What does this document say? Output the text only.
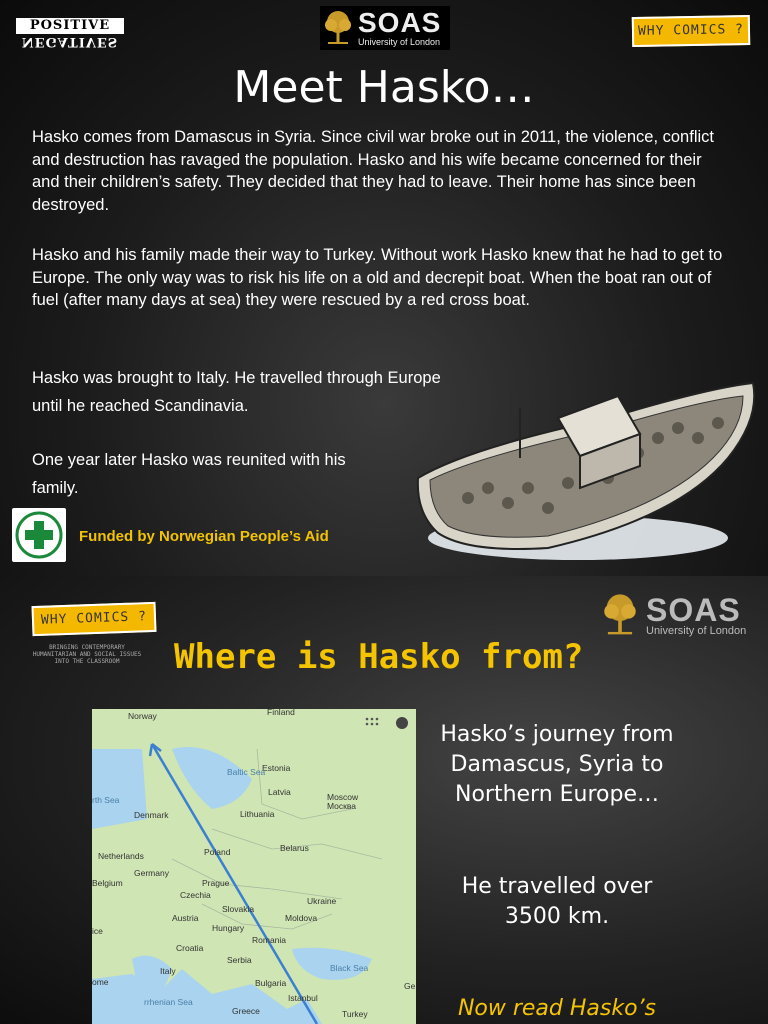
POSITIVE
NEGATIVES
SOAS
University of London
WHY COMICS ?
Meet Hasko…

Hasko comes from Damascus in Syria. Since civil war broke out in 2011, the violence, conflict and destruction has ravaged the population. Hasko and his wife became concerned for their and their children’s safety. They decided that they had to leave. Their home has since been destroyed.

Hasko and his family made their way to Turkey. Without work Hasko knew that he had to get to Europe. The only way was to risk his life on a old and decrepit boat. When the boat ran out of fuel (after many days at sea) they were rescued by a red cross boat.

Hasko was brought to Italy. He travelled through Europe until he reached Scandinavia.

One year later Hasko was reunited with his family.

Funded by Norwegian People’s Aid
WHY COMICS ?
BRINGING CONTEMPORARY HUMANITARIAN AND SOCIAL ISSUES INTO THE CLASSROOM
SOAS
University of London
Where is Hasko from?
Norway	Finland
Estonia
Baltic Sea
Latvia	Moscow
Москва
Denmark	Lithuania
rth Sea
Netherlands
Belarus
Poland
Germany
Belgium	Prague
Czechia
Ukraine
Slovakia
Austria	Moldova
Hungary
ice
Romania
Croatia
Serbia
Black Sea
Italy
Bulgaria	Ge
ome
Istanbul
rrhenian Sea
Greece	Turkey
Hasko’s journey from Damascus, Syria to Northern Europe…
He travelled over 3500 km.
Now read Hasko’s
